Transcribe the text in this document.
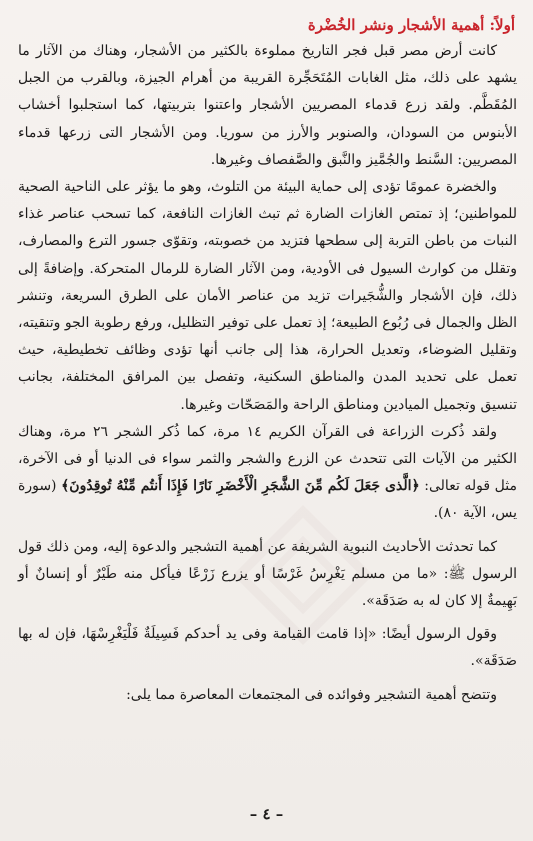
أولاً: أهمية الأشجار ونشر الخُضْرة

كانت أرض مصر قبل فجر التاريخ مملوءة بالكثير من الأشجار، وهناك من الآثار ما يشهد على ذلك، مثل الغابات المُتَحَجِّرة القريبة من أهرام الجيزة، وبالقرب من الجبل المُقَطَّم. ولقد زرع قدماء المصريين الأشجار واعتنوا بتربيتها، كما استجلبوا أخشاب الأبنوس من السودان، والصنوبر والأرز من سوريا. ومن الأشجار التى زرعها قدماء المصريين: السَّنط والجُمَّيز والنَّبق والصَّفصاف وغيرها.

والخضرة عمومًا تؤدى إلى حماية البيئة من التلوث، وهو ما يؤثر على الناحية الصحية للمواطنين؛ إذ تمتص الغازات الضارة ثم تبث الغازات النافعة، كما تسحب عناصر غذاء النبات من باطن التربة إلى سطحها فتزيد من خصوبته، وتقوّى جسور الترع والمصارف، وتقلل من كوارث السيول فى الأودية، ومن الآثار الضارة للرمال المتحركة. وإضافةً إلى ذلك، فإن الأشجار والشُّجَيرات تزيد من عناصر الأمان على الطرق السريعة، وتنشر الظل والجمال فى رُبُوع الطبيعة؛ إذ تعمل على توفير التظليل، ورفع رطوبة الجو وتنقيته، وتقليل الضوضاء، وتعديل الحرارة، هذا إلى جانب أنها تؤدى وظائف تخطيطية، حيث تعمل على تحديد المدن والمناطق السكنية، وتفصل بين المرافق المختلفة، بجانب تنسيق وتجميل الميادين ومناطق الراحة والمَصَحّات وغيرها.

ولقد ذُكرت الزراعة فى القرآن الكريم ١٤ مرة، كما ذُكر الشجر ٢٦ مرة، وهناك الكثير من الآيات التى تتحدث عن الزرع والشجر والثمر سواء فى الدنيا أو فى الآخرة، مثل قوله تعالى: ﴿الَّذى جَعَلَ لَكُم مِّنَ الشَّجَرِ الْأَخْضَرِ نَارًا فَإِذَا أَنتُم مِّنْهُ تُوقِدُونَ﴾ (سورة يس، الآية ٨٠).

كما تحدثت الأحاديث النبوية الشريفة عن أهمية التشجير والدعوة إليه، ومن ذلك قول الرسول ﷺ: «ما من مسلم يَغْرِسُ غَرْسًا أو يزرع زَرْعًا فيأكل منه طَيْرٌ أو إنسانٌ أو بَهِيمةٌ إلا كان له به صَدَقَة».

وقول الرسول أيضًا: «إذا قامت القيامة وفى يد أحدكم فَسِيلَةٌ فَلْيَغْرِسْهَا، فإن له بها صَدَقَة».

وتتضح أهمية التشجير وفوائده فى المجتمعات المعاصرة مما يلى:

– ٤ –
